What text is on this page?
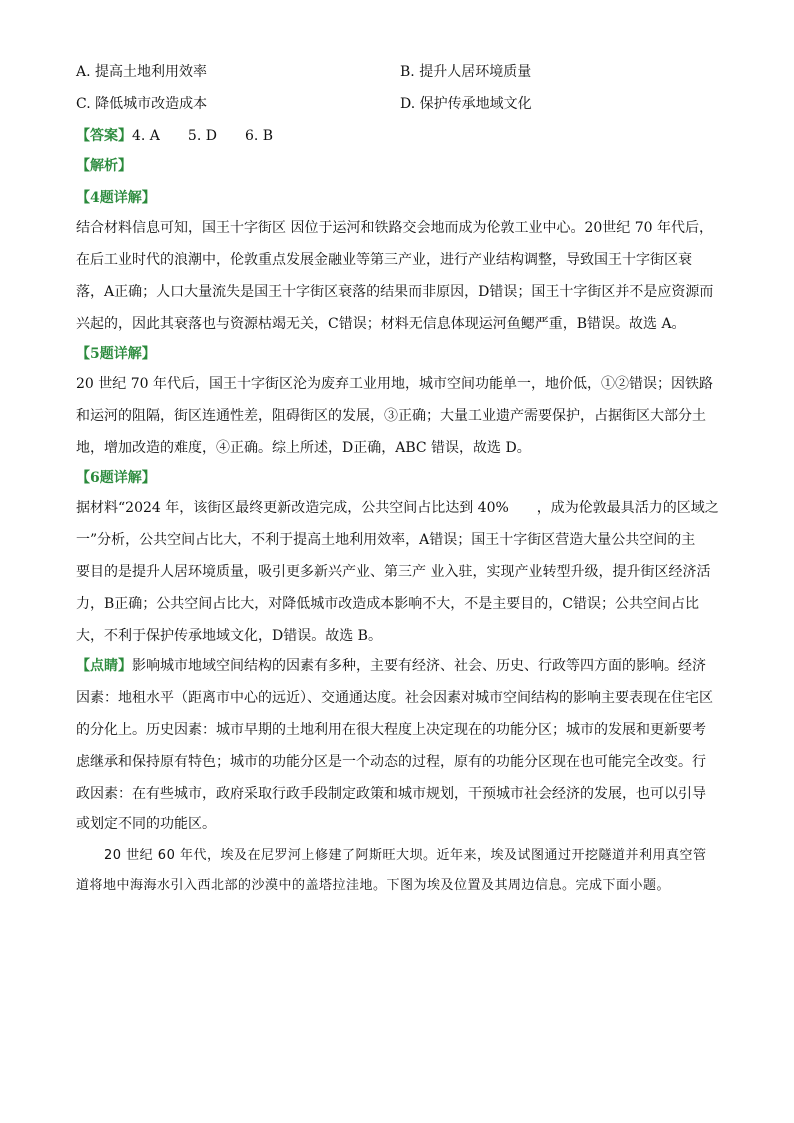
A. 提高土地利用效率	B. 提升人居环境质量
C. 降低城市改造成本	D. 保护传承地域文化
【答案】4. A　　5. D　　6. B
【解析】
【4题详解】
结合材料信息可知，国王十字街区 因位于运河和铁路交会地而成为伦敦工业中心。20世纪 70 年代后，
在后工业时代的浪潮中，伦敦重点发展金融业等第三产业，进行产业结构调整，导致国王十字街区衰
落，A正确；人口大量流失是国王十字街区衰落的结果而非原因，D错误；国王十字街区并不是应资源而
兴起的，因此其衰落也与资源枯竭无关，C错误；材料无信息体现运河鱼鳃严重，B错误。故选 A。
【5题详解】
20 世纪 70 年代后，国王十字街区沦为废弃工业用地，城市空间功能单一，地价低，①②错误；因铁路
和运河的阻隔，街区连通性差，阻碍街区的发展，③正确；大量工业遗产需要保护，占据街区大部分土
地，增加改造的难度，④正确。综上所述，D正确，ABC 错误，故选 D。
【6题详解】
据材料“2024 年，该街区最终更新改造完成，公共空间占比达到 40%　　，成为伦敦最具活力的区域之
一”分析，公共空间占比大，不利于提高土地利用效率，A错误；国王十字街区营造大量公共空间的主
要目的是提升人居环境质量，吸引更多新兴产业、第三产 业入驻，实现产业转型升级，提升街区经济活
力，B正确；公共空间占比大，对降低城市改造成本影响不大，不是主要目的，C错误；公共空间占比
大，不利于保护传承地域文化，D错误。故选 B。
【点睛】影响城市地域空间结构的因素有多种，主要有经济、社会、历史、行政等四方面的影响。经济
因素：地租水平（距离市中心的远近）、交通通达度。社会因素对城市空间结构的影响主要表现在住宅区
的分化上。历史因素：城市早期的土地利用在很大程度上决定现在的功能分区；城市的发展和更新要考
虑继承和保持原有特色；城市的功能分区是一个动态的过程，原有的功能分区现在也可能完全改变。行
政因素：在有些城市，政府采取行政手段制定政策和城市规划，干预城市社会经济的发展，也可以引导
或划定不同的功能区。
20 世纪 60 年代，埃及在尼罗河上修建了阿斯旺大坝。近年来，埃及试图通过开挖隧道并利用真空管
道将地中海海水引入西北部的沙漠中的盖塔拉洼地。下图为埃及位置及其周边信息。完成下面小题。
